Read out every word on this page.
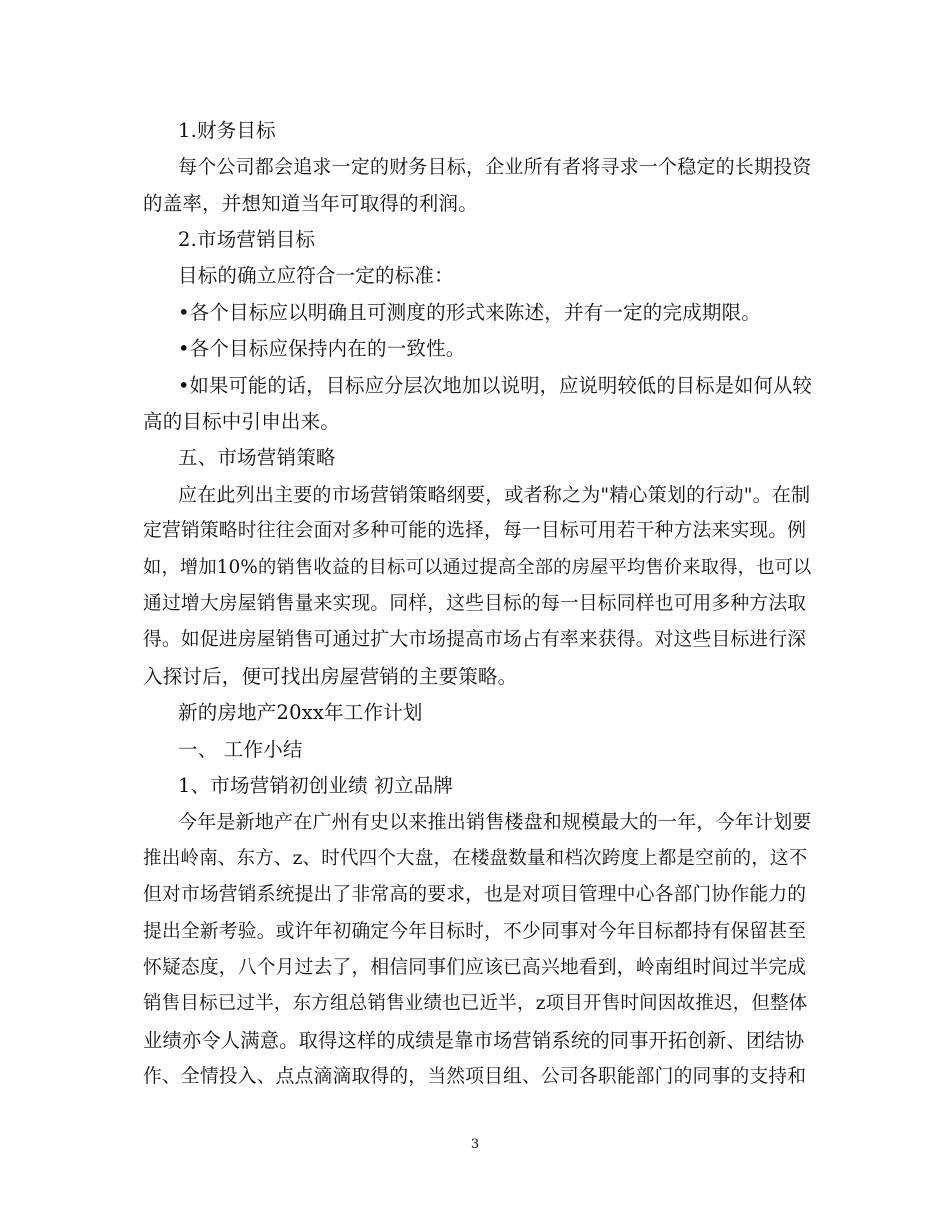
1.财务目标
每个公司都会追求一定的财务目标，企业所有者将寻求一个稳定的长期投资
的盖率，并想知道当年可取得的利润。
2.市场营销目标
目标的确立应符合一定的标准：
•各个目标应以明确且可测度的形式来陈述，并有一定的完成期限。
•各个目标应保持内在的一致性。
•如果可能的话，目标应分层次地加以说明，应说明较低的目标是如何从较
高的目标中引申出来。
五、市场营销策略
应在此列出主要的市场营销策略纲要，或者称之为"精心策划的行动"。在制
定营销策略时往往会面对多种可能的选择，每一目标可用若干种方法来实现。例
如，增加10%的销售收益的目标可以通过提高全部的房屋平均售价来取得，也可以
通过增大房屋销售量来实现。同样，这些目标的每一目标同样也可用多种方法取
得。如促进房屋销售可通过扩大市场提高市场占有率来获得。对这些目标进行深
入探讨后，便可找出房屋营销的主要策略。
新的房地产20xx年工作计划
一、 工作小结
1、市场营销初创业绩 初立品牌
今年是新地产在广州有史以来推出销售楼盘和规模最大的一年，今年计划要
推出岭南、东方、z、时代四个大盘，在楼盘数量和档次跨度上都是空前的，这不
但对市场营销系统提出了非常高的要求，也是对项目管理中心各部门协作能力的
提出全新考验。或许年初确定今年目标时，不少同事对今年目标都持有保留甚至
怀疑态度，八个月过去了，相信同事们应该已高兴地看到，岭南组时间过半完成
销售目标已过半，东方组总销售业绩也已近半，z项目开售时间因故推迟，但整体
业绩亦令人满意。取得这样的成绩是靠市场营销系统的同事开拓创新、团结协
作、全情投入、点点滴滴取得的，当然项目组、公司各职能部门的同事的支持和
3
